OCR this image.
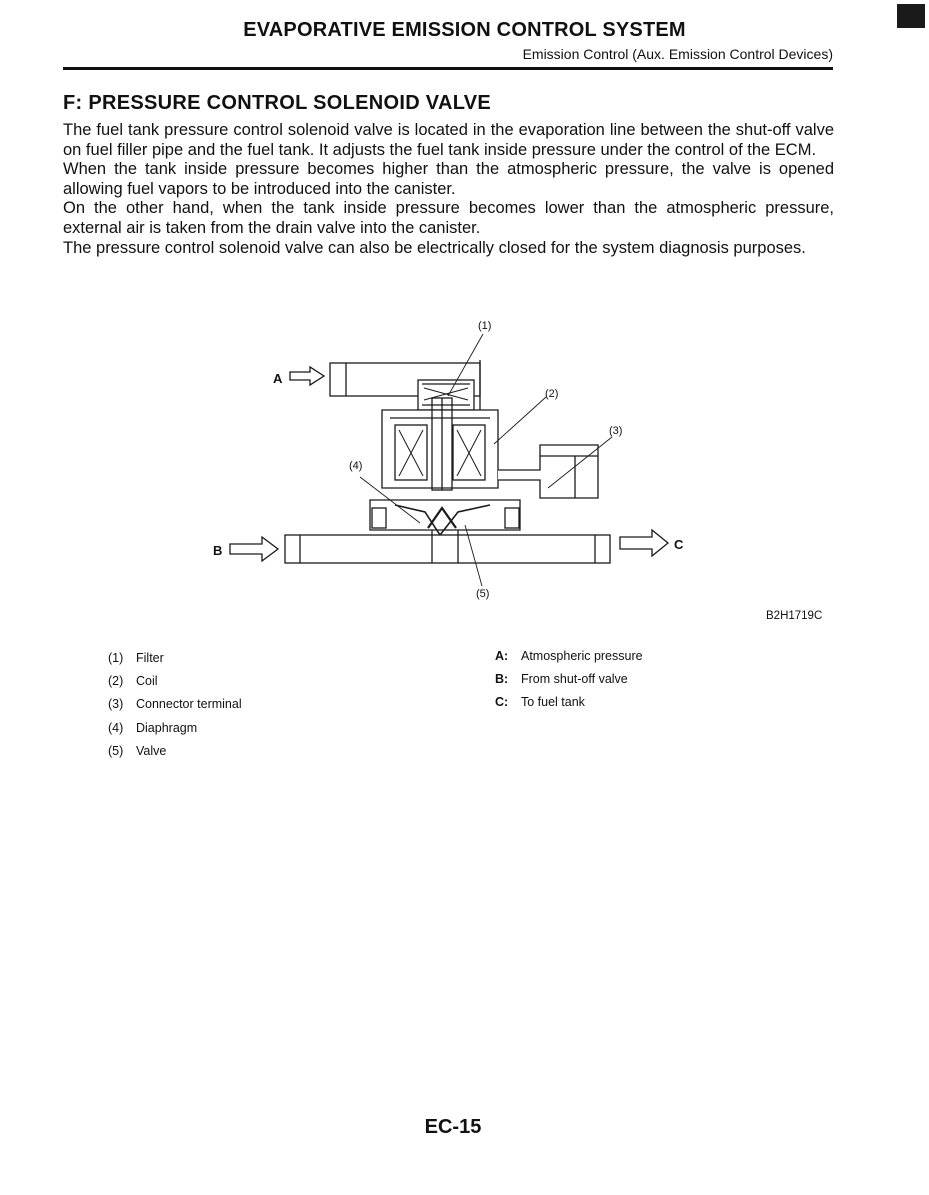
EVAPORATIVE EMISSION CONTROL SYSTEM
Emission Control (Aux. Emission Control Devices)
F: PRESSURE CONTROL SOLENOID VALVE

The fuel tank pressure control solenoid valve is located in the evaporation line between the shut-off valve on fuel filler pipe and the fuel tank. It adjusts the fuel tank inside pressure under the control of the ECM.

When the tank inside pressure becomes higher than the atmospheric pressure, the valve is opened allowing fuel vapors to be introduced into the canister.

On the other hand, when the tank inside pressure becomes lower than the atmospheric pressure, external air is taken from the drain valve into the canister.

The pressure control solenoid valve can also be electrically closed for the system diagnosis purposes.

(1)
(2)
(3)
(4)
(5)
A
B	C
B2H1719C
(1) Filter
(2) Coil
(3) Connector terminal
(4) Diaphragm
(5) Valve
A: Atmospheric pressure
B: From shut-off valve
C: To fuel tank
EC-15
